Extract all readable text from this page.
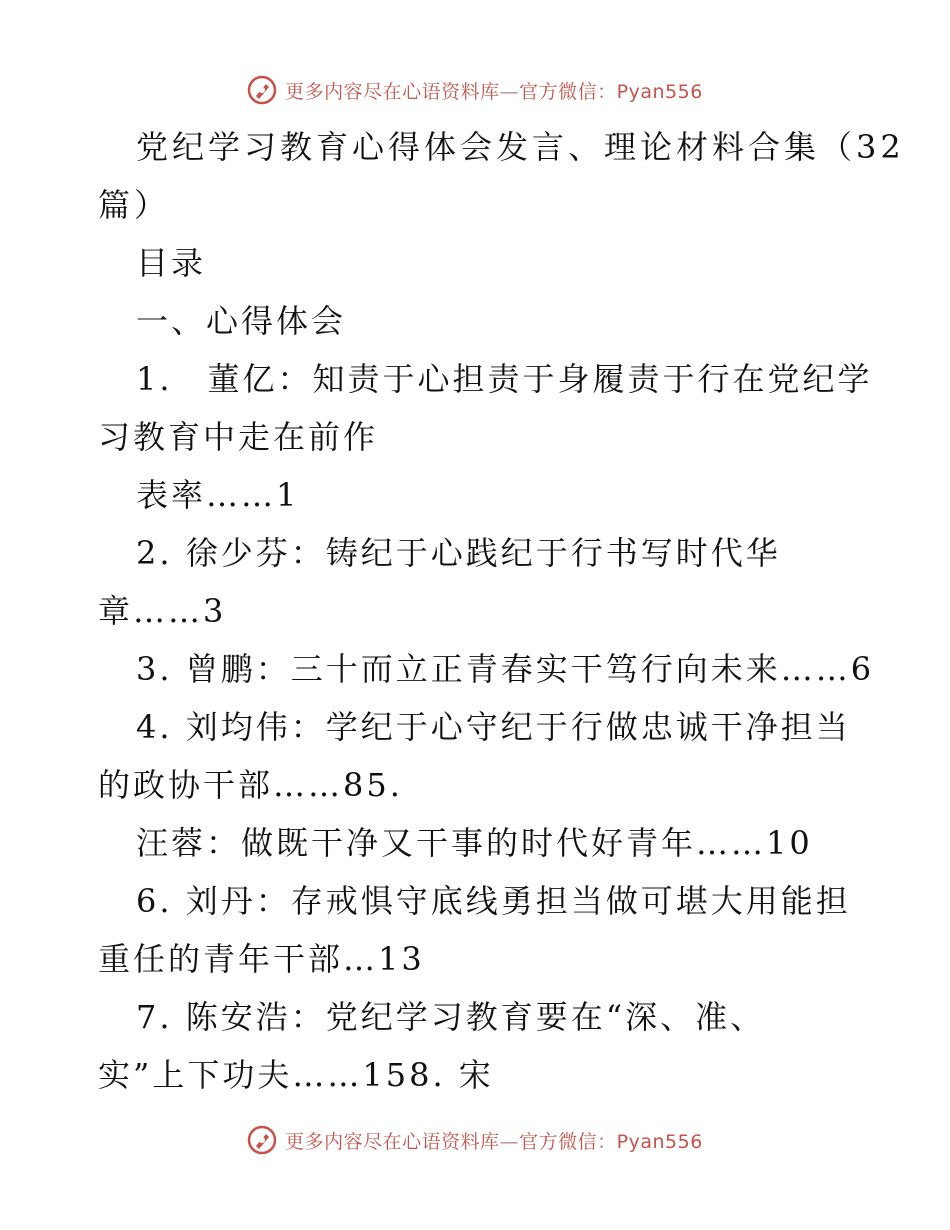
更多内容尽在心语资料库—官方微信：Pyan556
党纪学习教育心得体会发言、理论材料合集（32
篇）
目录
一、心得体会
1.　董亿：知责于心担责于身履责于行在党纪学
习教育中走在前作
表率……1
2. 徐少芬：铸纪于心践纪于行书写时代华
章……3
3. 曾鹏：三十而立正青春实干笃行向未来……6
4. 刘均伟：学纪于心守纪于行做忠诚干净担当
的政协干部……85.
汪蓉：做既干净又干事的时代好青年……10
6. 刘丹：存戒惧守底线勇担当做可堪大用能担
重任的青年干部…13
7. 陈安浩：党纪学习教育要在“深、准、
实”上下功夫……158. 宋
更多内容尽在心语资料库—官方微信：Pyan556
